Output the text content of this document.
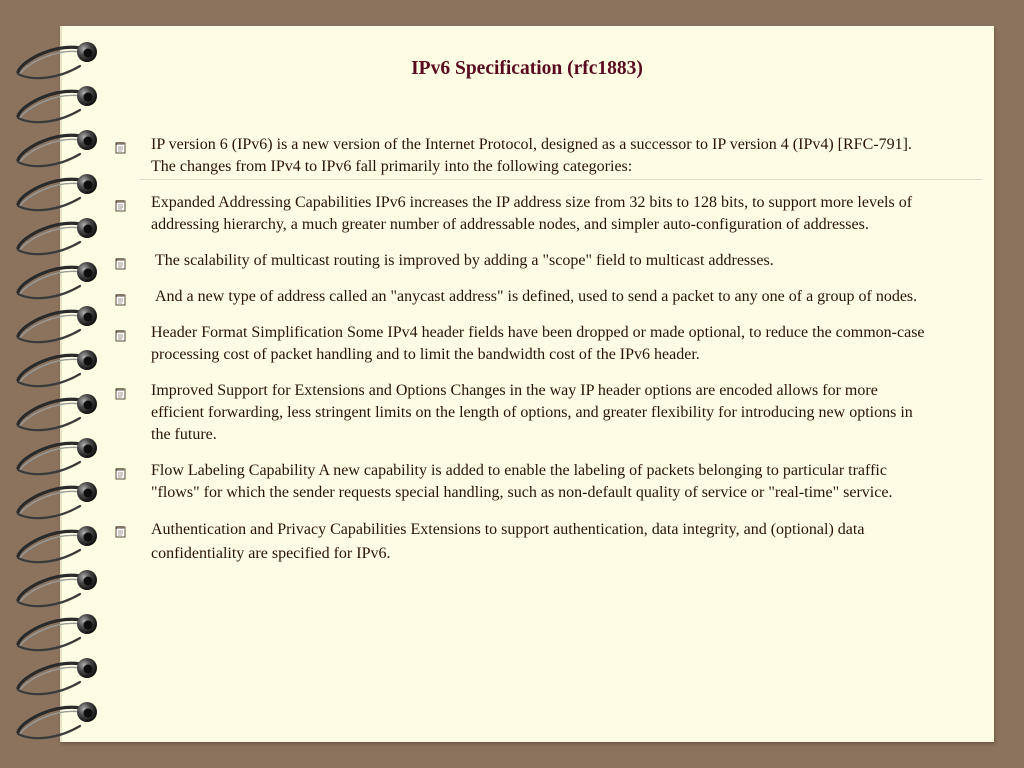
IPv6 Specification (rfc1883)
IP version 6 (IPv6) is a new version of the Internet Protocol, designed as a successor to IP version 4 (IPv4) [RFC-791]. The changes from IPv4 to IPv6 fall primarily into the following categories:
Expanded Addressing Capabilities IPv6 increases the IP address size from 32 bits to 128 bits, to support more levels of addressing hierarchy, a much greater number of addressable nodes, and simpler auto-configuration of addresses.
The scalability of multicast routing is improved by adding a "scope" field to multicast addresses.
And a new type of address called an "anycast address" is defined, used to send a packet to any one of a group of nodes.
Header Format Simplification Some IPv4 header fields have been dropped or made optional, to reduce the common-case processing cost of packet handling and to limit the bandwidth cost of the IPv6 header.
Improved Support for Extensions and Options Changes in the way IP header options are encoded allows for more efficient forwarding, less stringent limits on the length of options, and greater flexibility for introducing new options in the future.
Flow Labeling Capability A new capability is added to enable the labeling of packets belonging to particular traffic "flows" for which the sender requests special handling, such as non-default quality of service or "real-time" service.
Authentication and Privacy Capabilities Extensions to support authentication, data integrity, and (optional) data confidentiality are specified for IPv6.
